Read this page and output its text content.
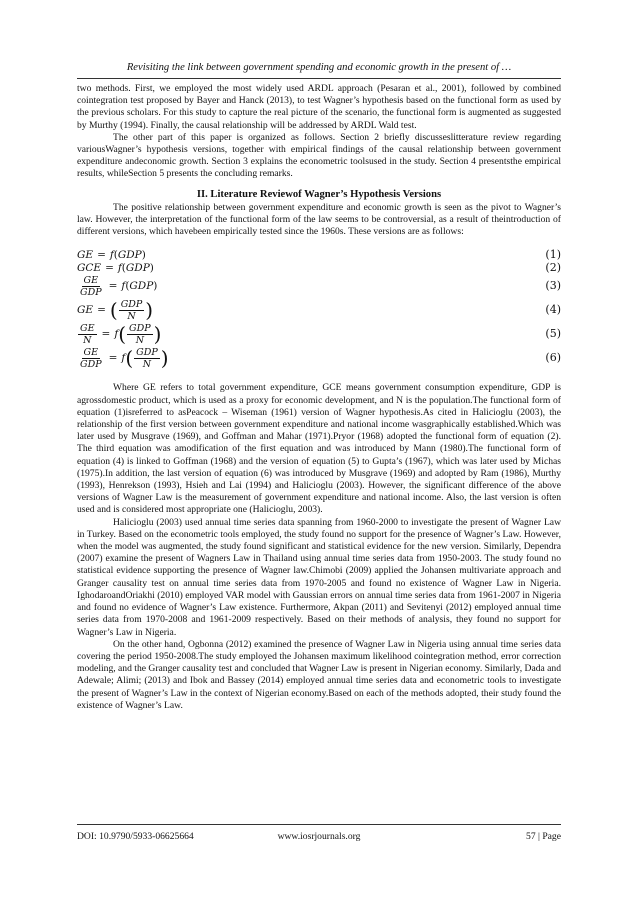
Revisiting the link between government spending and economic growth in the present of …

two methods. First, we employed the most widely used ARDL approach (Pesaran et al., 2001), followed by combined cointegration test proposed by Bayer and Hanck (2013), to test Wagner’s hypothesis based on the functional form as used by the previous scholars. For this study to capture the real picture of the scenario, the functional form is augmented as suggested by Murthy (1994). Finally, the causal relationship will be addressed by ARDL Wald test.

The other part of this paper is organized as follows. Section 2 briefly discusseslitterature review regarding variousWagner’s hypothesis versions, together with empirical findings of the causal relationship between government expenditure andeconomic growth. Section 3 explains the econometric toolsused in the study. Section 4 presentsthe empirical results, whileSection 5 presents the concluding remarks.

II. Literature Reviewof Wagner’s Hypothesis Versions

The positive relationship between government expenditure and economic growth is seen as the pivot to Wagner’s law. However, the interpretation of the functional form of the law seems to be controversial, as a result of theintroduction of different versions, which havebeen empirically tested since the 1960s. These versions are as follows:

GE = f ( GDP )	(1)
GCE = f ( GDP )	(2)
$\frac{GE}{\text{GDP}} = f$ ( GDP )	(3)
GE = ( $\frac{\text{GDP}}{N}$ )	(4)
$\frac{GE}{N} = f$ ( $\frac{\text{GDP}}{N}$ )	(5)
$\frac{GE}{\text{GDP}} = f$ ( $\frac{\text{GDP}}{N}$ )	(6)

Where GE refers to total government expenditure, GCE means government consumption expenditure, GDP is agrossdomestic product, which is used as a proxy for economic development, and N is the population.The functional form of equation (1)isreferred to asPeacock – Wiseman (1961) version of Wagner hypothesis.As cited in Halicioglu (2003), the relationship of the first version between government expenditure and national income wasgraphically established.Which was later used by Musgrave (1969), and Goffman and Mahar (1971).Pryor (1968) adopted the functional form of equation (2). The third equation was amodification of the first equation and was introduced by Mann (1980).The functional form of equation (4) is linked to Goffman (1968) and the version of equation (5) to Gupta’s (1967), which was later used by Michas (1975).In addition, the last version of equation (6) was introduced by Musgrave (1969) and adopted by Ram (1986), Murthy (1993), Henrekson (1993), Hsieh and Lai (1994) and Halicioglu (2003). However, the significant difference of the above versions of Wagner Law is the measurement of government expenditure and national income. Also, the last version is often used and is considered most appropriate one (Halicioglu, 2003).

Halicioglu (2003) used annual time series data spanning from 1960-2000 to investigate the present of Wagner Law in Turkey. Based on the econometric tools employed, the study found no support for the presence of Wagner’s Law. However, when the model was augmented, the study found significant and statistical evidence for the new version. Similarly, Dependra (2007) examine the present of Wagners Law in Thailand using annual time series data from 1950-2003. The study found no statistical evidence supporting the presence of Wagner law.Chimobi (2009) applied the Johansen multivariate approach and Granger causality test on annual time series data from 1970-2005 and found no existence of Wagner Law in Nigeria. IghodaroandOriakhi (2010) employed VAR model with Gaussian errors on annual time series data from 1961-2007 in Nigeria and found no evidence of Wagner’s Law existence. Furthermore, Akpan (2011) and Sevitenyi (2012) employed annual time series data from 1970-2008 and 1961-2009 respectively. Based on their methods of analysis, they found no support for Wagner’s Law in Nigeria.

On the other hand, Ogbonna (2012) examined the presence of Wagner Law in Nigeria using annual time series data covering the period 1950-2008.The study employed the Johansen maximum likelihood cointegration method, error correction modeling, and the Granger causality test and concluded that Wagner Law is present in Nigerian economy. Similarly, Dada and Adewale; Alimi; (2013) and Ibok and Bassey (2014) employed annual time series data and econometric tools to investigate the present of Wagner’s Law in the context of Nigerian economy.Based on each of the methods adopted, their study found the existence of Wagner’s Law.

DOI: 10.9790/5933-06625664	www.iosrjournals.org	57 | Page
